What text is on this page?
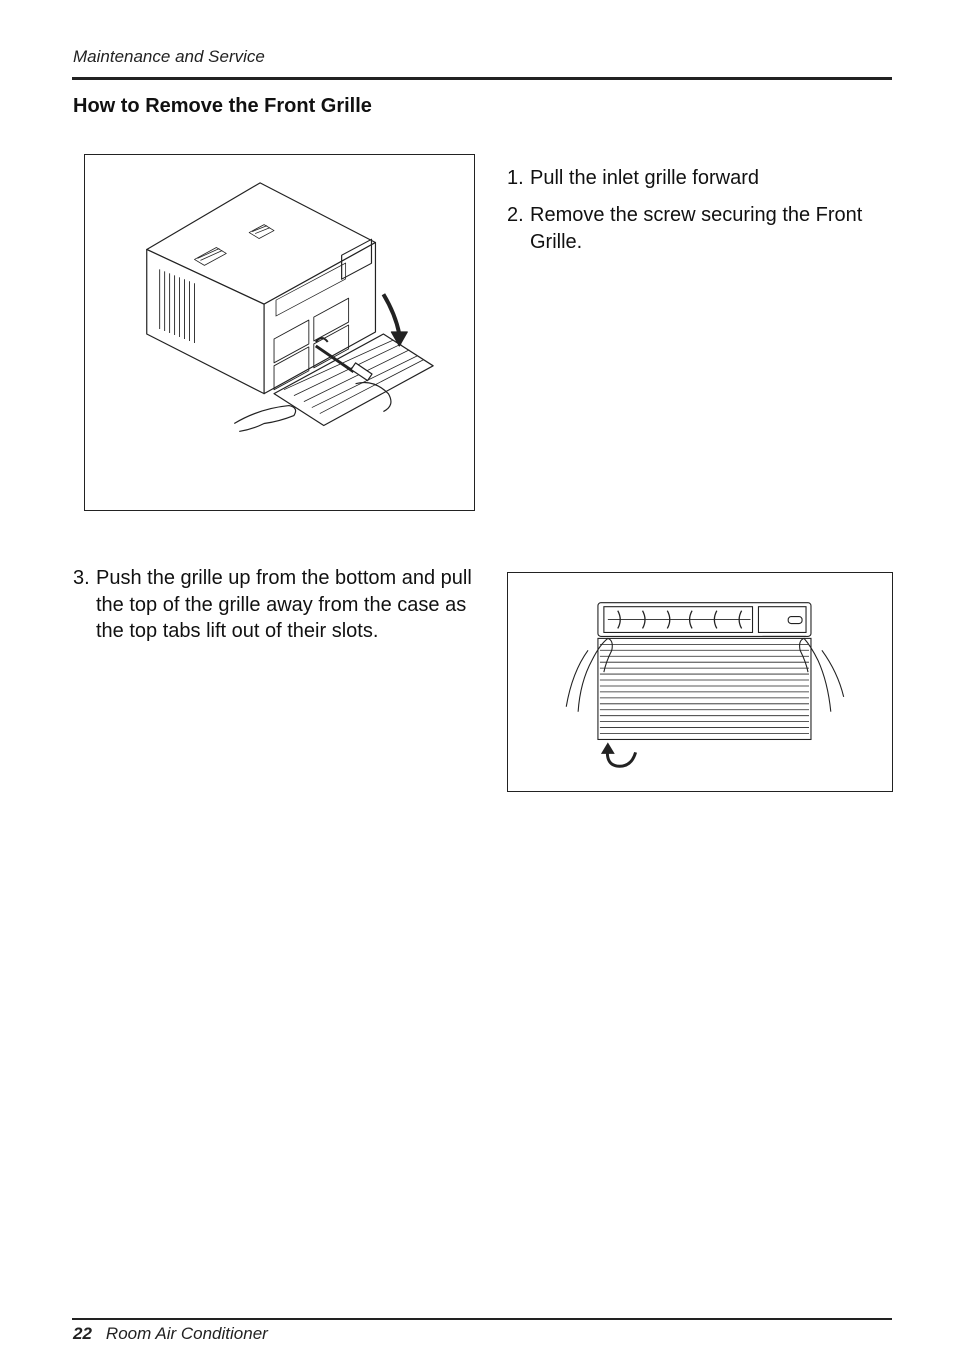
Maintenance and Service
How to Remove the Front Grille
1. Pull the inlet grille forward
2. Remove the screw securing the Front Grille.
3. Push the grille up from the bottom and pull the top of the grille away from the case as the top tabs lift out of their slots.
22 Room Air Conditioner
